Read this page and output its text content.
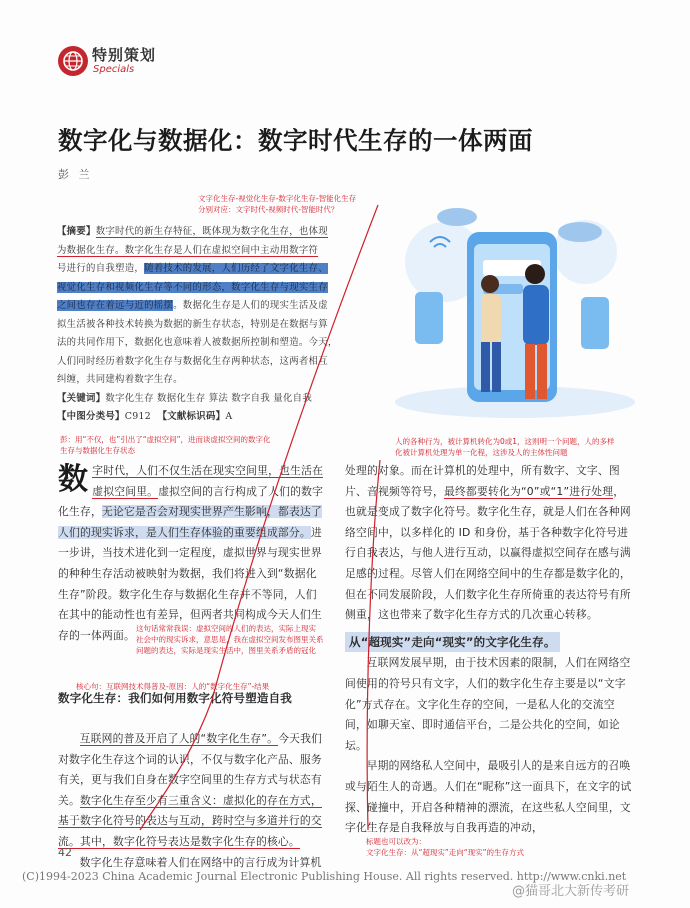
特别策划
Specials
数字化与数据化：数字时代生存的一体两面
彭 兰
文字化生存-视觉化生存-数字化生存-智能化生存
分别对应：文字时代-视频时代-智能时代？
【摘要】数字时代的新生存特征，既体现为数字化生存，也体现
为数据化生存。数字化生存是人们在虚拟空间中主动用数字符
号进行的自我塑造，随着技术的发展，人们历经了文字化生存、
视觉化生存和视频化生存等不同的形态，数字化生存与现实生存
之间也存在着远与近的摇摆。数据化生存是人们的现实生活及虚
拟生活被各种技术转换为数据的新生存状态，特别是在数据与算
法的共同作用下，数据化也意味着人被数据所控制和塑造。今天，
人们同时经历着数字化生存与数据化生存两种状态，这两者相互
纠缠，共同建构着数字生存。
【关键词】数字化生存 数据化生存 算法 数字自我 量化自我
【中图分类号】C912 【文献标识码】A
彭：用“不仅，也”引出了“虚拟空间”，进而谈虚拟空间的数字化
生存与数据化生存状态
人的各种行为，被计算机转化为0或1，这则明一个问题，人的多样
化被计算机处理为单一化程，这涉及人的主体性问题

数字时代，人们不仅生活在现实空间里，也生活在虚拟空间里。虚拟空间的言行构成了人们的数字化生存，无论它是否会对现实世界产生影响，都表达了人们的现实诉求，是人们生存体验的重要组成部分。进一步讲，当技术进化到一定程度，虚拟世界与现实世界的种种生存活动被映射为数据，我们将进入到“数据化生存”阶段。数字化生存与数据化生存并不等同，人们在其中的能动性也有差异，但两者共同构成今天人们生存的一体两面。

数字化生存：我们如何用数字化符号塑造自我

互联网的普及开启了人的“数字化生存”。今天我们对数字化生存这个词的认识，不仅与数字化产品、服务有关，更与我们自身在数字空间里的生存方式与状态有关。数字化生存至少有三重含义：虚拟化的存在方式，基于数字化符号的表达与互动，跨时空与多道并行的交流。其中，数字化符号表达是数字化生存的核心。

数字化生存意味着人们在网络中的言行成为计算机

这句话常常我误：虚拟空间的人们的表达，实际上现实
社会中的现实诉求，意思是，我在虚拟空间发布图里关系
问题的表达，实际是现实生活中，图里关系矛盾的冠化
核心句：互联网技术得普及-原因：人的“数字化生存”-结果

处理的对象。而在计算机的处理中，所有数字、文字、图片、音视频等符号，最终都要转化为“0”或“1”进行处理，也就是变成了数字化符号。数字化生存，就是人们在各种网络空间中，以多样化的 ID 和身份，基于各种数字化符号进行自我表达，与他人进行互动，以赢得虚拟空间存在感与满足感的过程。尽管人们在网络空间中的生存都是数字化的，但在不同发展阶段，人们数字化生存所倚重的表达符号有所侧重，这也带来了数字化生存方式的几次重心转移。

从“超现实”走向“现实”的文字化生存。

互联网发展早期，由于技术因素的限制，人们在网络空间使用的符号只有文字，人们的数字化生存主要是以“文字化”方式存在。文字化生存的空间，一是私人化的交流空间，如聊天室、即时通信平台，二是公共化的空间，如论坛。

早期的网络私人空间中，最吸引人的是来自远方的召唤或与陌生人的奇遇。人们在“昵称”这一面具下，在文字的试探、碰撞中，开启各种精神的漂流，在这些私人空间里，文字化生存是自我释放与自我再造的冲动，

标题也可以改为：
文字化生存：从“超现实”走向“现实”的生存方式
42
(C)1994-2023 China Academic Journal Electronic Publishing House. All rights reserved. http://www.cnki.net
@猫哥北大新传考研
